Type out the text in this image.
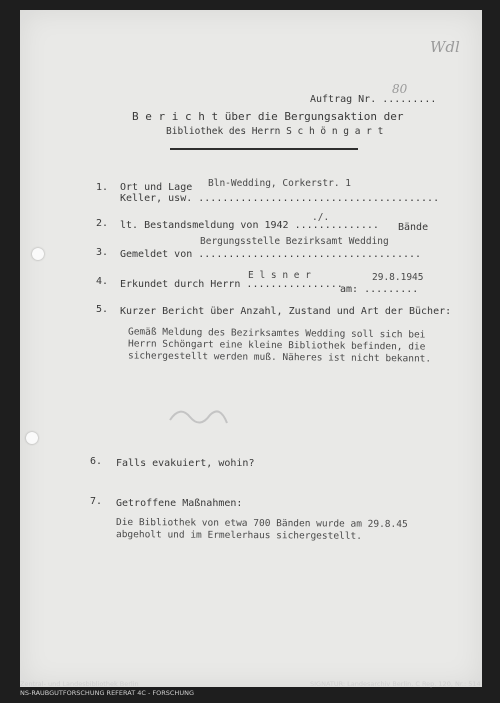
Wdl
80
Auftrag Nr. .........
B e r i c h t über die Bergungsaktion der
Bibliothek des Herrn S c h ö n g a r t
1. Ort und Lage Bln-Wedding, Corkerstr. 1
Keller, usw. ........................................
2. lt. Bestandsmeldung von 1942 ..............
./.
Bände
3.
Bergungsstelle Bezirksamt Wedding
Gemeldet von .....................................
4.
E l s n e r
Erkundet durch Herrn ................
29.8.1945
am: .........
5. Kurzer Bericht über Anzahl, Zustand und Art der Bücher:
Gemäß Meldung des Bezirksamtes Wedding soll sich bei
Herrn Schöngart eine kleine Bibliothek befinden, die
sichergestellt werden muß. Näheres ist nicht bekannt.
6. Falls evakuiert, wohin?
7. Getroffene Maßnahmen:
Die Bibliothek von etwa 700 Bänden wurde am 29.8.45
abgeholt und im Ermelerhaus sichergestellt.
Zentral- und Landesbibliothek Berlin
NS-RAUBGUTFORSCHUNG REFERAT 4C - FORSCHUNG
SIGNATUR: Landesarchiv Berlin, C Rep. 120, Nr.: 514
